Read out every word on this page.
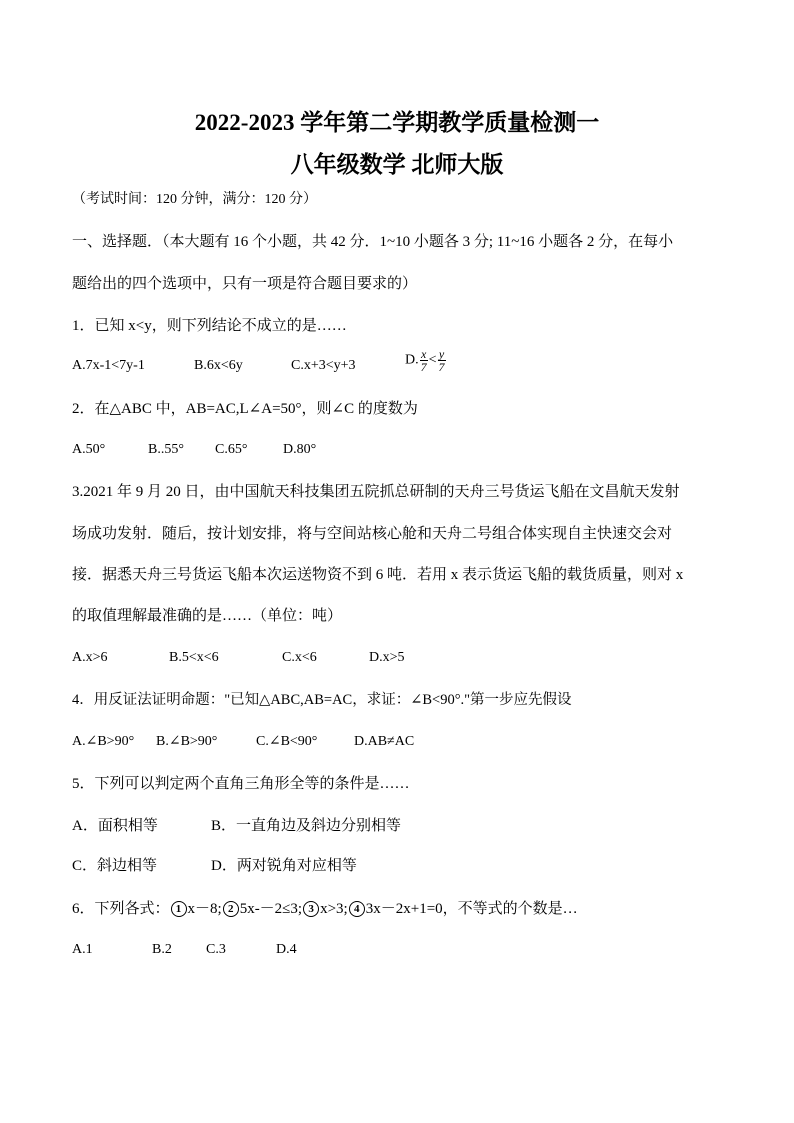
2022-2023 学年第二学期教学质量检测一
八年级数学 北师大版
（考试时间：120 分钟，满分：120 分）
一、选择题．（本大题有 16 个小题，共 42 分．1~10 小题各 3 分; 11~16 小题各 2 分，在每小
题给出的四个选项中，只有一项是符合题目要求的）
1．已知 x<y，则下列结论不成立的是……
A.7x-1<7y-1	B.6x<6y	C.x+3<y+3	D. $\frac{x}{7} < \frac{y}{7}$
2．在△ABC 中，AB=AC,L∠A=50°，则∠C 的度数为
A.50°	B..55° C.65°	D.80°
3.2021 年 9 月 20 日，由中国航天科技集团五院抓总研制的天舟三号货运飞船在文昌航天发射
场成功发射．随后，按计划安排，将与空间站核心舱和天舟二号组合体实现自主快速交会对
接．据悉天舟三号货运飞船本次运送物资不到 6 吨．若用 x 表示货运飞船的载货质量，则对 x
的取值理解最准确的是……（单位：吨）
A.x>6	B.5<x<6	C.x<6	D.x>5
4．用反证法证明命题："已知△ABC,AB=AC，求证：∠B<90°."第一步应先假设
A.∠B>90° B.∠B>90°	C.∠B<90°	D.AB≠AC
5．下列可以判定两个直角三角形全等的条件是……
A．面积相等	B．一直角边及斜边分别相等
C．斜边相等	D．两对锐角对应相等
6．下列各式： 1 x－8; 2 5x-－2≤3; 3 x>3; 4 3x－2x+1=0，不等式的个数是…
A.1	B.2 C.3	D.4
